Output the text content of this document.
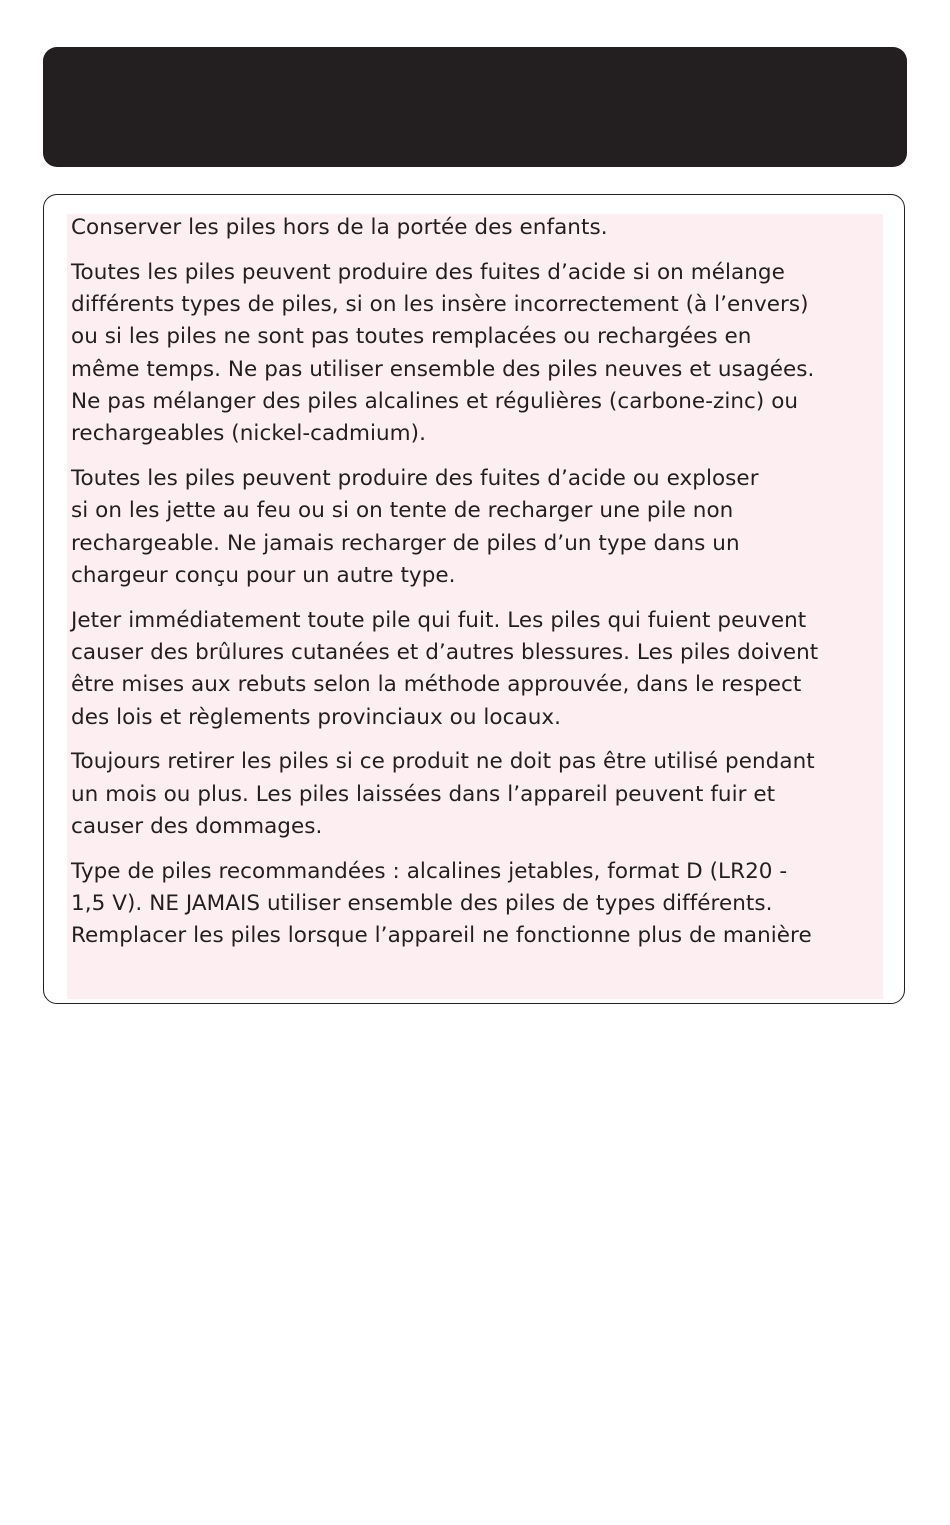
Conserver les piles hors de la portée des enfants.

Toutes les piles peuvent produire des fuites d’acide si on mélange
différents types de piles, si on les insère incorrectement (à l’envers)
ou si les piles ne sont pas toutes remplacées ou rechargées en
même temps. Ne pas utiliser ensemble des piles neuves et usagées.
Ne pas mélanger des piles alcalines et régulières (carbone-zinc) ou
rechargeables (nickel-cadmium).

Toutes les piles peuvent produire des fuites d’acide ou exploser
si on les jette au feu ou si on tente de recharger une pile non
rechargeable. Ne jamais recharger de piles d’un type dans un
chargeur conçu pour un autre type.

Jeter immédiatement toute pile qui fuit. Les piles qui fuient peuvent
causer des brûlures cutanées et d’autres blessures. Les piles doivent
être mises aux rebuts selon la méthode approuvée, dans le respect
des lois et règlements provinciaux ou locaux.

Toujours retirer les piles si ce produit ne doit pas être utilisé pendant
un mois ou plus. Les piles laissées dans l’appareil peuvent fuir et
causer des dommages.

Type de piles recommandées : alcalines jetables, format D (LR20 -
1,5 V). NE JAMAIS utiliser ensemble des piles de types différents.
Remplacer les piles lorsque l’appareil ne fonctionne plus de manière
